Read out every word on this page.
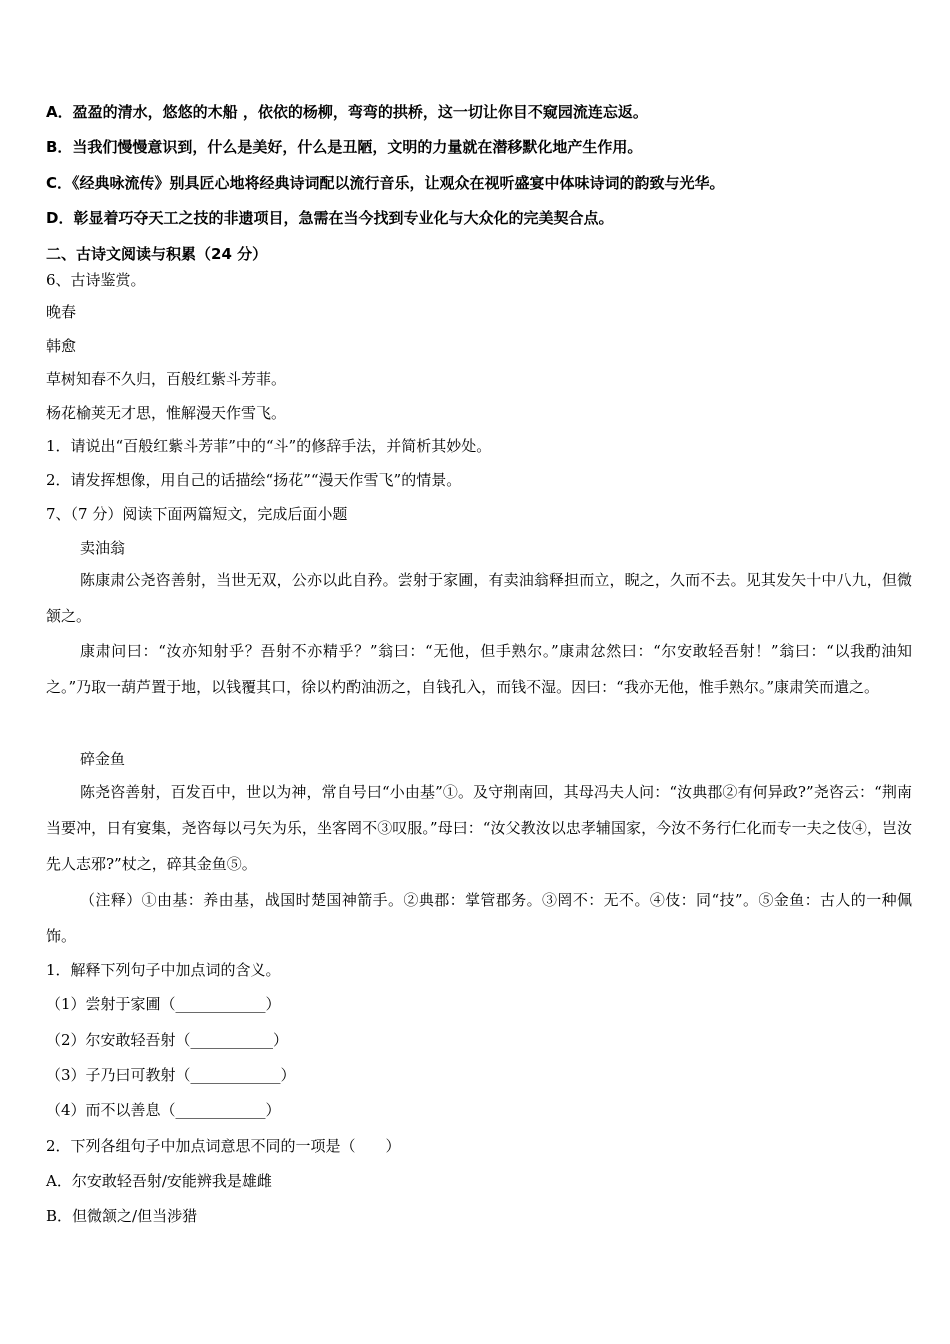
A．盈盈的清水，悠悠的木船 ，依依的杨柳，弯弯的拱桥，这一切让你目不窥园流连忘返。
B．当我们慢慢意识到，什么是美好，什么是丑陋，文明的力量就在潜移默化地产生作用。
C．《经典咏流传》别具匠心地将经典诗词配以流行音乐，让观众在视听盛宴中体味诗词的韵致与光华。
D．彰显着巧夺天工之技的非遗项目，急需在当今找到专业化与大众化的完美契合点。
二、古诗文阅读与积累（24 分）
6、古诗鉴赏。
晚春
韩愈
草树知春不久归，百般红紫斗芳菲。
杨花榆荚无才思，惟解漫天作雪飞。
1．请说出“百般红紫斗芳菲”中的“斗”的修辞手法，并简析其妙处。
2．请发挥想像，用自己的话描绘“扬花”“漫天作雪飞”的情景。
7、（7 分）阅读下面两篇短文，完成后面小题
卖油翁
陈康肃公尧咨善射，当世无双，公亦以此自矜。尝射于家圃，有卖油翁释担而立，睨之，久而不去。见其发矢十中八九，但微颔之。
康肃问曰：“汝亦知射乎？吾射不亦精乎？”翁曰：“无他，但手熟尔。”康肃忿然曰：“尔安敢轻吾射！”翁曰：“以我酌油知之。”乃取一葫芦置于地，以钱覆其口，徐以杓酌油沥之，自钱孔入，而钱不湿。因曰：“我亦无他，惟手熟尔。”康肃笑而遣之。
碎金鱼
陈尧咨善射，百发百中，世以为神，常自号曰“小由基”①。及守荆南回，其母冯夫人问：“汝典郡②有何异政?”尧咨云：“荆南当要冲，日有宴集，尧咨每以弓矢为乐，坐客罔不③叹服。”母曰：“汝父教汝以忠孝辅国家，今汝不务行仁化而专一夫之伎④，岂汝先人志邪?”杖之，碎其金鱼⑤。
（注释）①由基：养由基，战国时楚国神箭手。②典郡：掌管郡务。③罔不：无不。④伎：同“技”。⑤金鱼：古人的一种佩饰。
1．解释下列句子中加点词的含义。
（1）尝射于家圃（____________）
（2）尔安敢轻吾射（___________）
（3）子乃曰可教射（____________）
（4）而不以善息（____________）
2．下列各组句子中加点词意思不同的一项是（　　）
A．尔安敢轻吾射/安能辨我是雄雌
B．但微颔之/但当涉猎
